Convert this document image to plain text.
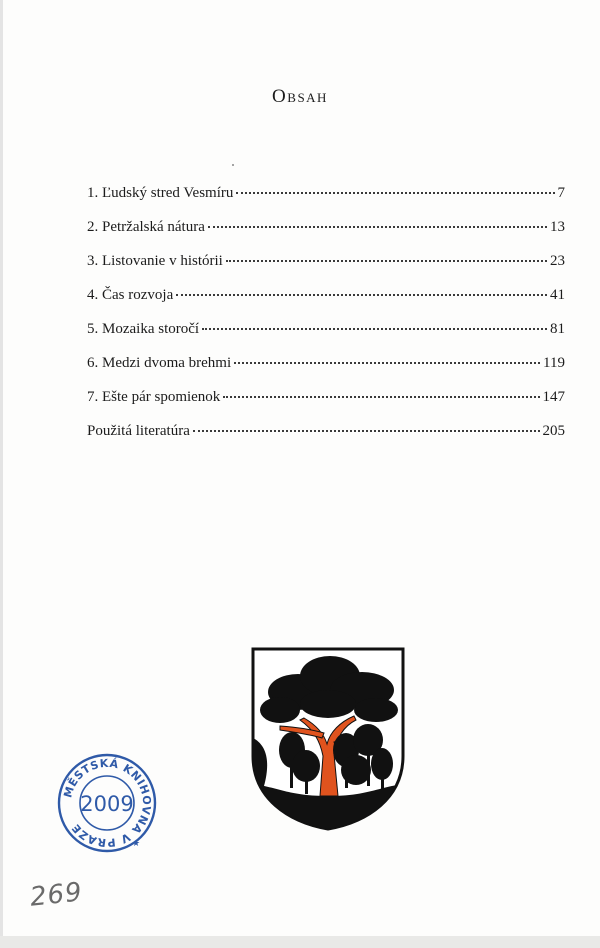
Obsah
1. Ľudský stred Vesmíru	7
2. Petržalská nátura	13
3. Listovanie v histórii	23
4. Čas rozvoja	41
5. Mozaika storočí	81
6. Medzi dvoma brehmi	119
7. Ešte pár spomienok	147
Použitá literatúra	205
MĚSTSKÁ KNIHOVNA V PRAZE
2009
★
269
